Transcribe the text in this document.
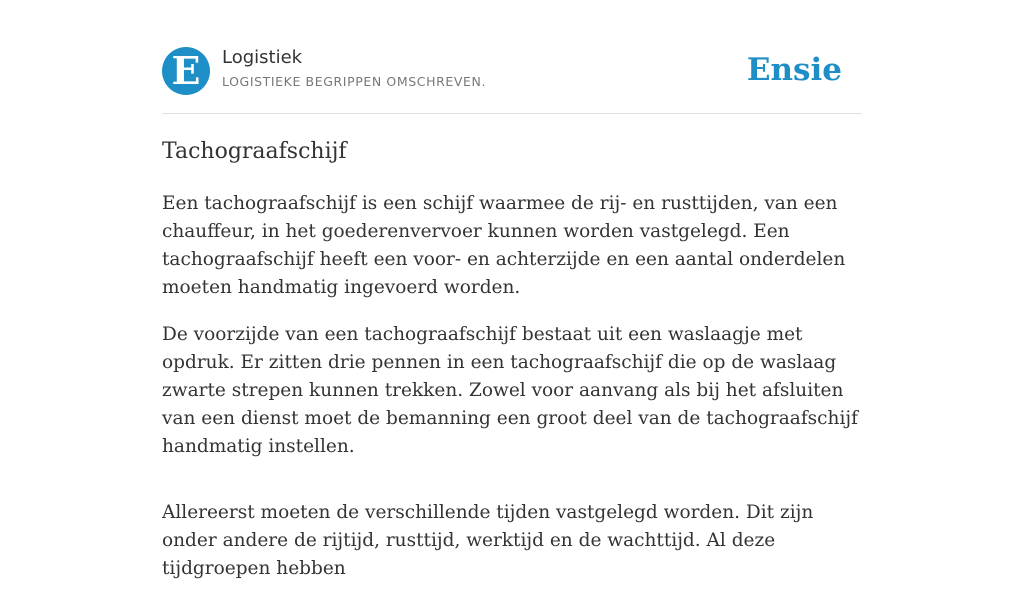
E	Logistiek
LOGISTIEKE BEGRIPPEN OMSCHREVEN.	Ensie
Tachograafschijf

Een tachograafschijf is een schijf waarmee de rij- en rusttijden, van een chauffeur, in het goederenvervoer kunnen worden vastgelegd. Een tachograafschijf heeft een voor- en achterzijde en een aantal onderdelen moeten handmatig ingevoerd worden.

De voorzijde van een tachograafschijf bestaat uit een waslaagje met opdruk. Er zitten drie pennen in een tachograafschijf die op de waslaag zwarte strepen kunnen trekken. Zowel voor aanvang als bij het afsluiten van een dienst moet de bemanning een groot deel van de tachograafschijf handmatig instellen.

Allereerst moeten de verschillende tijden vastgelegd worden. Dit zijn onder andere de rijtijd, rusttijd, werktijd en de wachttijd. Al deze tijdgroepen hebben
